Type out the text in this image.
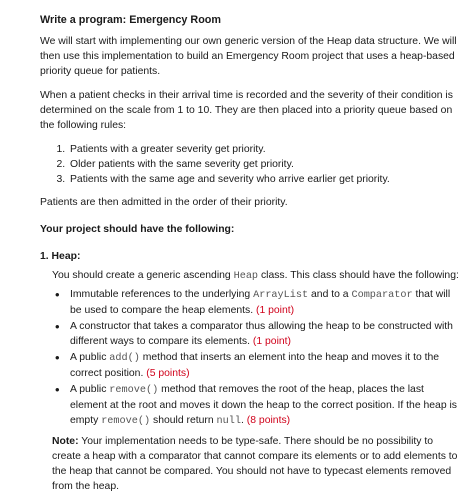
Write a program: Emergency Room

We will start with implementing our own generic version of the Heap data structure. We will then use this implementation to build an Emergency Room project that uses a heap-based priority queue for patients.

When a patient checks in their arrival time is recorded and the severity of their condition is determined on the scale from 1 to 10. They are then placed into a priority queue based on the following rules:

1. Patients with a greater severity get priority.
2. Older patients with the same severity get priority.
3. Patients with the same age and severity who arrive earlier get priority.

Patients are then admitted in the order of their priority.

Your project should have the following:
1. Heap:

You should create a generic ascending Heap class. This class should have the following:

• Immutable references to the underlying ArrayList and to a Comparator that will be used to compare the heap elements. (1 point)
• A constructor that takes a comparator thus allowing the heap to be constructed with different ways to compare its elements. (1 point)
• A public add() method that inserts an element into the heap and moves it to the correct position. (5 points)
• A public remove() method that removes the root of the heap, places the last element at the root and moves it down the heap to the correct position. If the heap is empty remove() should return null. (8 points)

Note: Your implementation needs to be type-safe. There should be no possibility to create a heap with a comparator that cannot compare its elements or to add elements to the heap that cannot be compared. You should not have to typecast elements removed from the heap.
